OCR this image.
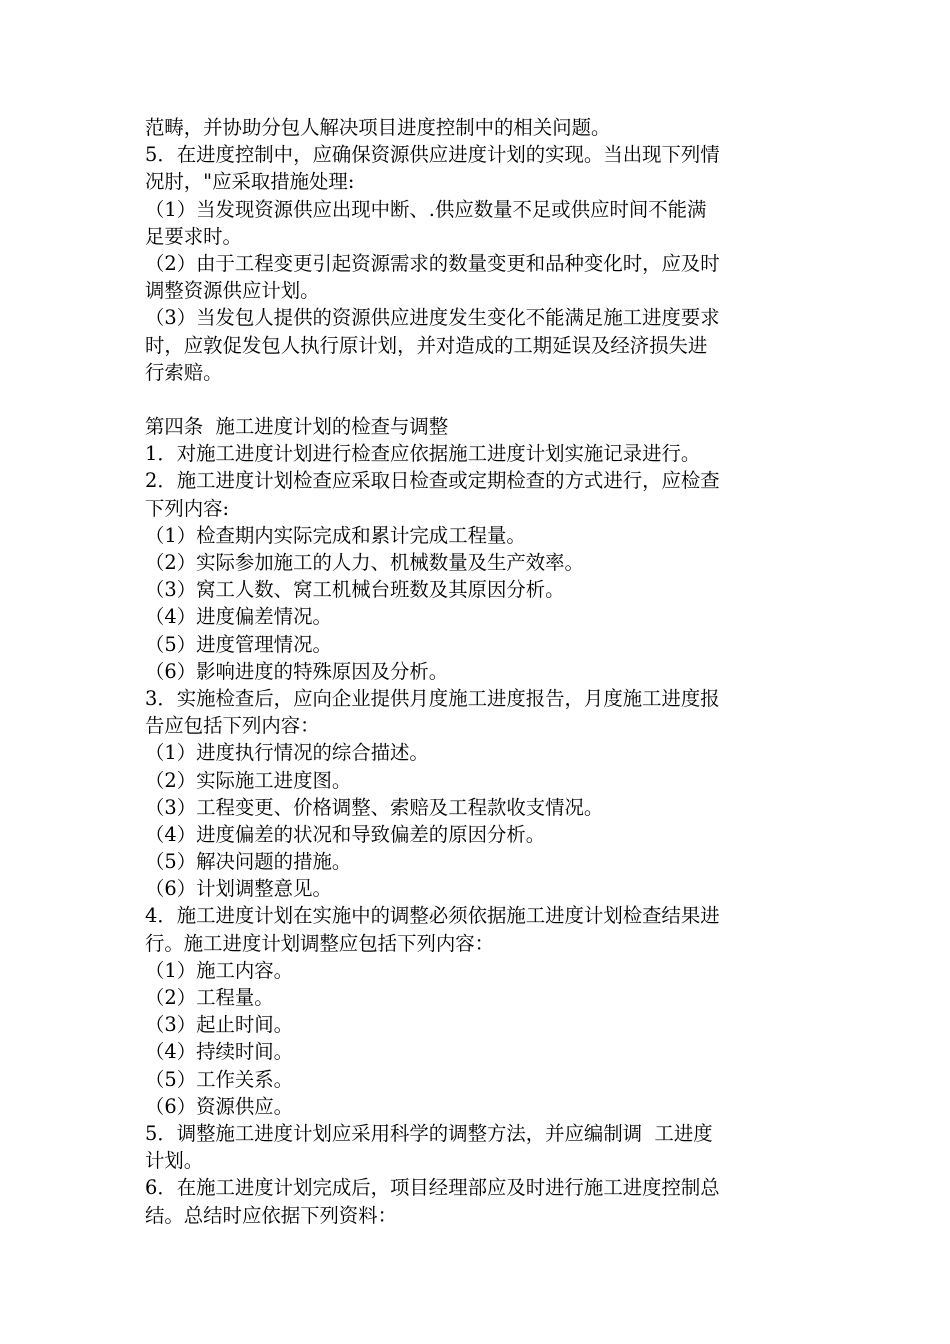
范畴，并协助分包人解决项目进度控制中的相关问题。
5．在进度控制中，应确保资源供应进度计划的实现。当出现下列情
况肘，"应采取措施处理:
（1）当发现资源供应出现中断、.供应数量不足或供应时间不能满
足要求时。
（2）由于工程变更引起资源需求的数量变更和品种变化时，应及时
调整资源供应计划。
（3）当发包人提供的资源供应进度发生变化不能满足施工进度要求
时，应敦促发包人执行原计划，并对造成的工期延误及经济损失进
行索赔。
第四条  施工进度计划的检查与调整
1．对施工进度计划进行检查应依据施工进度计划实施记录进行。
2．施工进度计划检查应采取日检查或定期检查的方式进行，应检查
下列内容:
（1）检查期内实际完成和累计完成工程量。
（2）实际参加施工的人力、机械数量及生产效率。
（3）窝工人数、窝工机械台班数及其原因分析。
（4）进度偏差情况。
（5）进度管理情况。
（6）影响进度的特殊原因及分析。
3．实施检查后，应向企业提供月度施工进度报告，月度施工进度报
告应包括下列内容：
（1）进度执行情况的综合描述。
（2）实际施工进度图。
（3）工程变更、价格调整、索赔及工程款收支情况。
（4）进度偏差的状况和导致偏差的原因分析。
（5）解决问题的措施。
（6）计划调整意见。
4．施工进度计划在实施中的调整必须依据施工进度计划检查结果进
行。施工进度计划调整应包括下列内容：
（1）施工内容。
（2）工程量。
（3）起止时间。
（4）持续时间。
（5）工作关系。
（6）资源供应。
5．调整施工进度计划应采用科学的调整方法，并应编制调  工进度
计划。
6．在施工进度计划完成后，项目经理部应及时进行施工进度控制总
结。总结时应依据下列资料：
